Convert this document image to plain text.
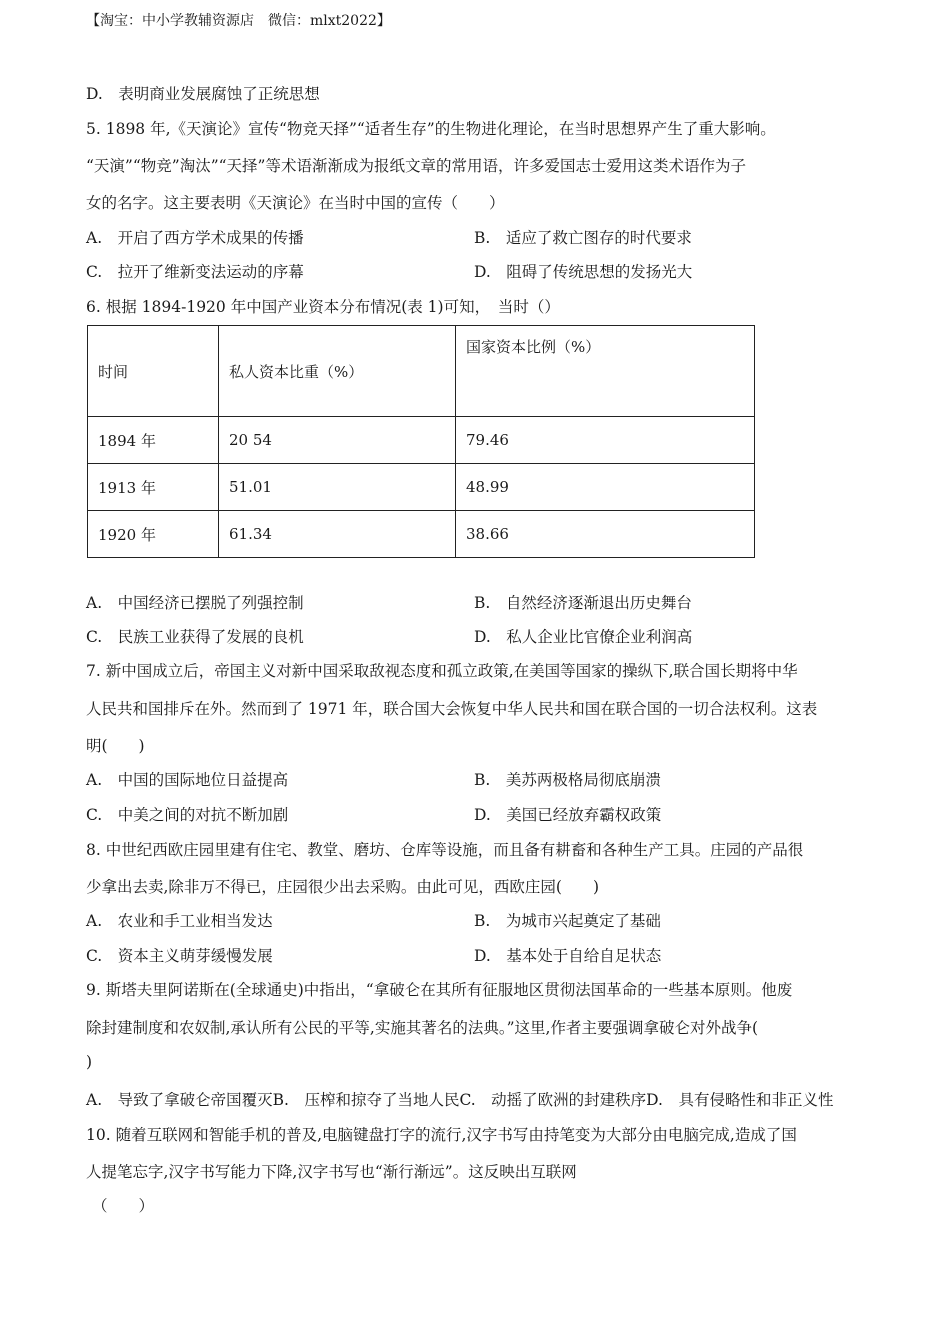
【淘宝：中小学教辅资源店　微信：mlxt2022】
D.　表明商业发展腐蚀了正统思想
5. 1898 年,《天演论》宣传“物竞天择”“适者生存”的生物进化理论，在当时思想界产生了重大影响。
“天演”“物竞”淘汰”“天择”等术语渐渐成为报纸文章的常用语，许多爱国志士爱用这类术语作为子
女的名字。这主要表明《天演论》在当时中国的宣传（　　）
A.　开启了西方学术成果的传播	B.　适应了救亡图存的时代要求
C.　拉开了维新变法运动的序幕	D.　阻碍了传统思想的发扬光大
6. 根据 1894-1920 年中国产业资本分布情况(表 1)可知，　当时（）
时间	私人资本比重（%）	国家资本比例（%）
1894 年	20 54	79.46
1913 年	51.01	48.99
1920 年	61.34	38.66
A.　中国经济已摆脱了列强控制	B.　自然经济逐渐退出历史舞台
C.　民族工业获得了发展的良机	D.　私人企业比官僚企业利润高
7. 新中国成立后，帝国主义对新中国采取敌视态度和孤立政策,在美国等国家的操纵下,联合国长期将中华
人民共和国排斥在外。然而到了 1971 年，联合国大会恢复中华人民共和国在联合国的一切合法权利。这表
明(　　)
A.　中国的国际地位日益提高	B.　美苏两极格局彻底崩溃
C.　中美之间的对抗不断加剧	D.　美国已经放弃霸权政策
8. 中世纪西欧庄园里建有住宅、教堂、磨坊、仓库等设施，而且备有耕畜和各种生产工具。庄园的产品很
少拿出去卖,除非万不得已，庄园很少出去采购。由此可见，西欧庄园(　　)
A.　农业和手工业相当发达	B.　为城市兴起奠定了基础
C.　资本主义萌芽缓慢发展	D.　基本处于自给自足状态
9. 斯塔夫里阿诺斯在(全球通史)中指出，“拿破仑在其所有征服地区贯彻法国革命的一些基本原则。他废
除封建制度和农奴制,承认所有公民的平等,实施其著名的法典。”这里,作者主要强调拿破仑对外战争(
)
A.　导致了拿破仑帝国覆灭B.　压榨和掠夺了当地人民C.　动摇了欧洲的封建秩序D.　具有侵略性和非正义性
10. 随着互联网和智能手机的普及,电脑键盘打字的流行,汉字书写由持笔变为大部分由电脑完成,造成了国
人提笔忘字,汉字书写能力下降,汉字书写也“渐行渐远”。这反映出互联网
（　　）
